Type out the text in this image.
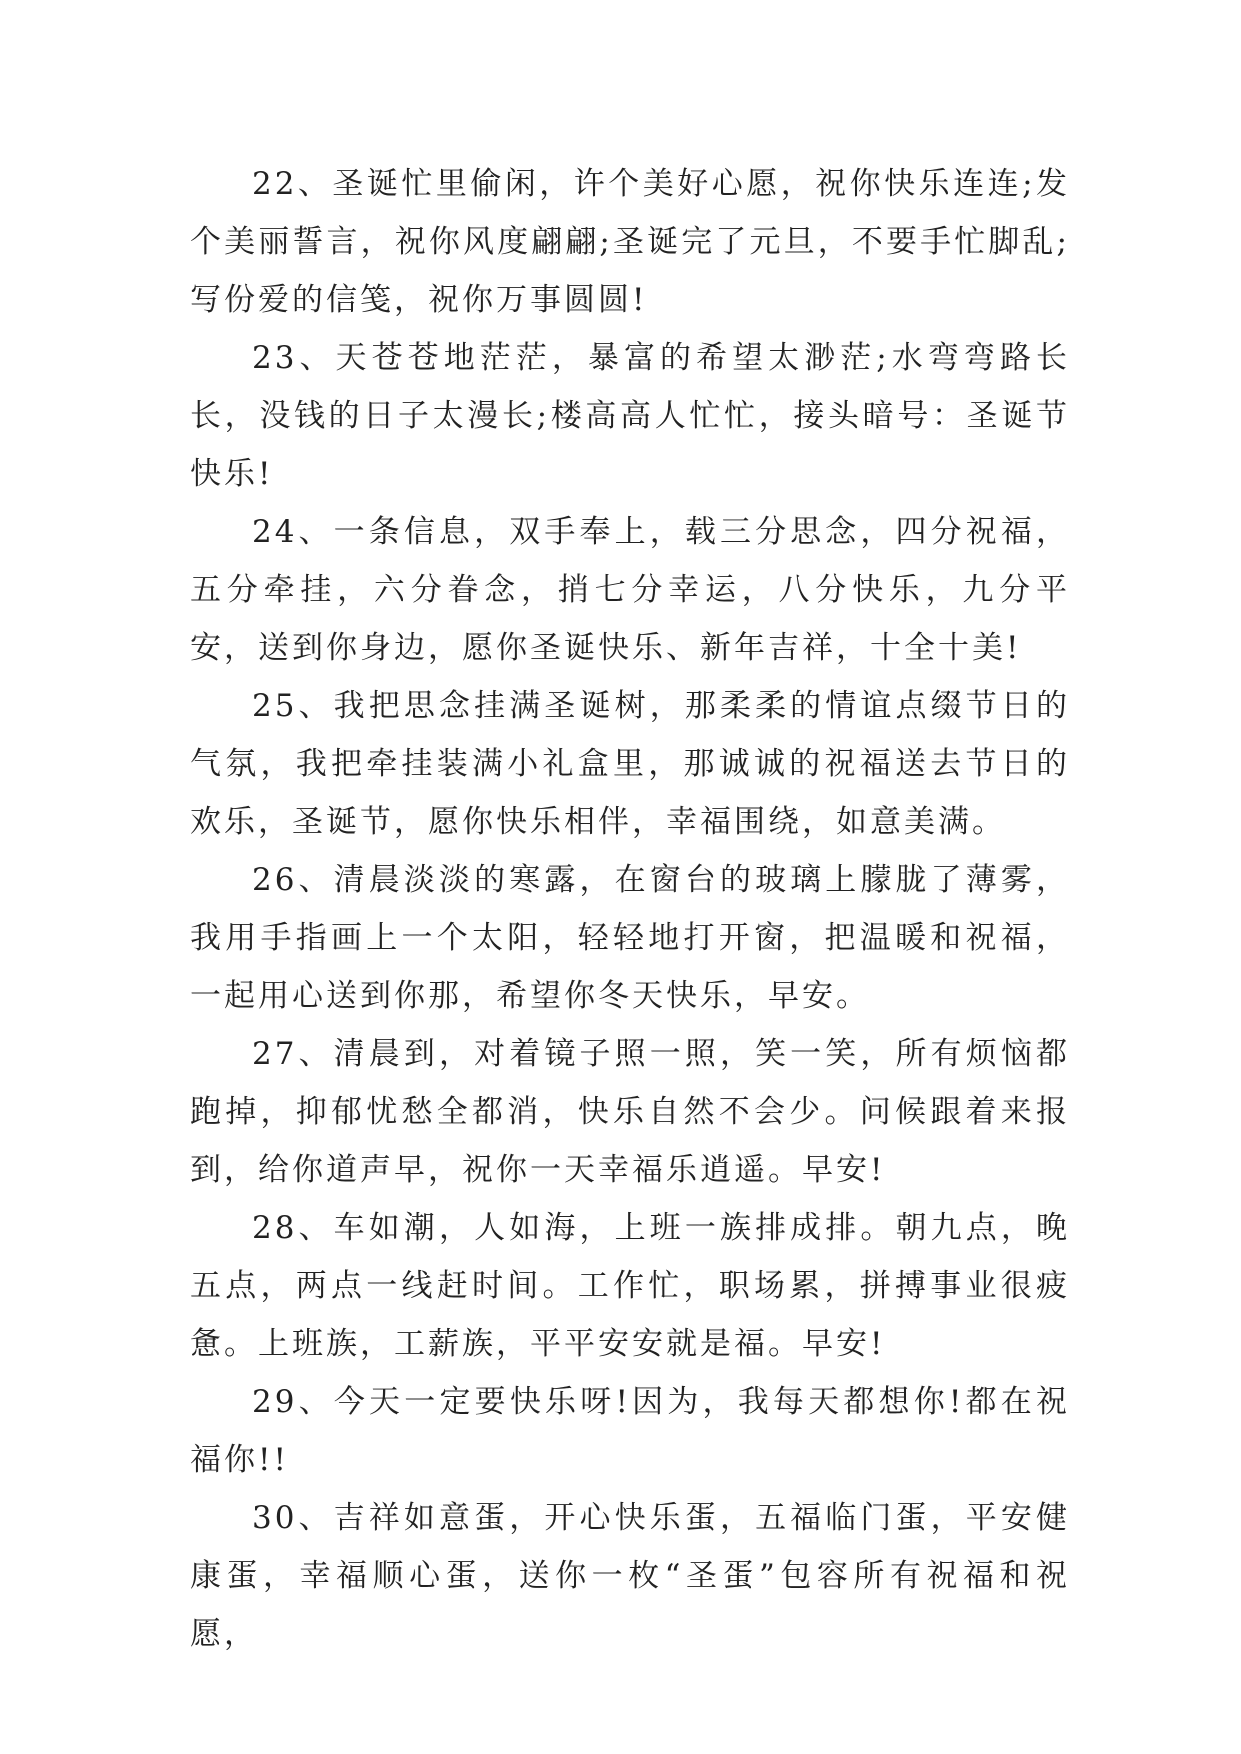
22、圣诞忙里偷闲，许个美好心愿，祝你快乐连连;发个美丽誓言，祝你风度翩翩;圣诞完了元旦，不要手忙脚乱;写份爱的信笺，祝你万事圆圆!

23、天苍苍地茫茫，暴富的希望太渺茫;水弯弯路长长，没钱的日子太漫长;楼高高人忙忙，接头暗号：圣诞节快乐!

24、一条信息，双手奉上，载三分思念，四分祝福，五分牵挂，六分眷念，捎七分幸运，八分快乐，九分平安，送到你身边，愿你圣诞快乐、新年吉祥，十全十美!

25、我把思念挂满圣诞树，那柔柔的情谊点缀节日的气氛，我把牵挂装满小礼盒里，那诚诚的祝福送去节日的欢乐，圣诞节，愿你快乐相伴，幸福围绕，如意美满。

26、清晨淡淡的寒露，在窗台的玻璃上朦胧了薄雾，我用手指画上一个太阳，轻轻地打开窗，把温暖和祝福，一起用心送到你那，希望你冬天快乐，早安。

27、清晨到，对着镜子照一照，笑一笑，所有烦恼都跑掉，抑郁忧愁全都消，快乐自然不会少。问候跟着来报到，给你道声早，祝你一天幸福乐逍遥。早安!

28、车如潮，人如海，上班一族排成排。朝九点，晚五点，两点一线赶时间。工作忙，职场累，拼搏事业很疲惫。上班族，工薪族，平平安安就是福。早安!

29、今天一定要快乐呀!因为，我每天都想你!都在祝福你!!

30、吉祥如意蛋，开心快乐蛋，五福临门蛋，平安健康蛋，幸福顺心蛋，送你一枚“圣蛋”包容所有祝福和祝愿，
